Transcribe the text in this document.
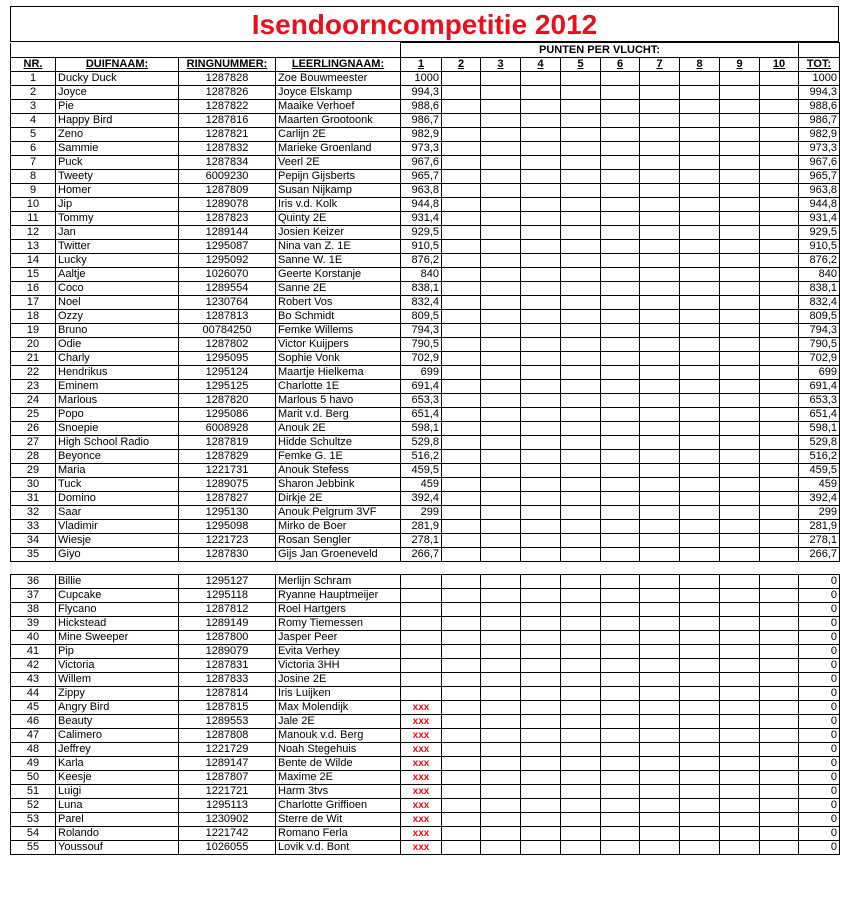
Isendoorncompetitie 2012
				PUNTEN PER VLUCHT:										
NR.	DUIFNAAM:	RINGNUMMER:	LEERLINGNAAM:	1	2	3	4	5	6	7	8	9	10	TOT:
1	Ducky Duck	1287828	Zoe Bouwmeester	1000										1000
2	Joyce	1287826	Joyce Elskamp	994,3										994,3
3	Pie	1287822	Maaike Verhoef	988,6										988,6
4	Happy Bird	1287816	Maarten Grootoonk	986,7										986,7
5	Zeno	1287821	Carlijn 2E	982,9										982,9
6	Sammie	1287832	Marieke Groenland	973,3										973,3
7	Puck	1287834	Veerl 2E	967,6										967,6
8	Tweety	6009230	Pepijn Gijsberts	965,7										965,7
9	Homer	1287809	Susan Nijkamp	963,8										963,8
10	Jip	1289078	Iris v.d. Kolk	944,8										944,8
11	Tommy	1287823	Quinty 2E	931,4										931,4
12	Jan	1289144	Josien Keizer	929,5										929,5
13	Twitter	1295087	Nina van Z. 1E	910,5										910,5
14	Lucky	1295092	Sanne W. 1E	876,2										876,2
15	Aaltje	1026070	Geerte Korstanje	840										840
16	Coco	1289554	Sanne 2E	838,1										838,1
17	Noel	1230764	Robert Vos	832,4										832,4
18	Ozzy	1287813	Bo Schmidt	809,5										809,5
19	Bruno	00784250	Femke Willems	794,3										794,3
20	Odie	1287802	Victor Kuijpers	790,5										790,5
21	Charly	1295095	Sophie Vonk	702,9										702,9
22	Hendrikus	1295124	Maartje Hielkema	699										699
23	Eminem	1295125	Charlotte 1E	691,4										691,4
24	Marlous	1287820	Marlous 5 havo	653,3										653,3
25	Popo	1295086	Marit v.d. Berg	651,4										651,4
26	Snoepie	6008928	Anouk 2E	598,1										598,1
27	High School Radio	1287819	Hidde Schultze	529,8										529,8
28	Beyonce	1287829	Femke G. 1E	516,2										516,2
29	Maria	1221731	Anouk Stefess	459,5										459,5
30	Tuck	1289075	Sharon Jebbink	459										459
31	Domino	1287827	Dirkje 2E	392,4										392,4
32	Saar	1295130	Anouk Pelgrum 3VF	299										299
33	Vladimir	1295098	Mirko de Boer	281,9										281,9
34	Wiesje	1221723	Rosan Sengler	278,1										278,1
35	Giyo	1287830	Gijs Jan Groeneveld	266,7										266,7

36	Billie	1295127	Merlijn Schram											0
37	Cupcake	1295118	Ryanne Hauptmeijer											0
38	Flycano	1287812	Roel Hartgers											0
39	Hickstead	1289149	Romy Tiemessen											0
40	Mine Sweeper	1287800	Jasper Peer											0
41	Pip	1289079	Evita Verhey											0
42	Victoria	1287831	Victoria 3HH											0
43	Willem	1287833	Josine 2E											0
44	Zippy	1287814	Iris Luijken											0
45	Angry Bird	1287815	Max Molendijk	xxx										0
46	Beauty	1289553	Jale 2E	xxx										0
47	Calimero	1287808	Manouk v.d. Berg	xxx										0
48	Jeffrey	1221729	Noah Stegehuis	xxx										0
49	Karla	1289147	Bente de Wilde	xxx										0
50	Keesje	1287807	Maxime 2E	xxx										0
51	Luigi	1221721	Harm 3tvs	xxx										0
52	Luna	1295113	Charlotte Griffioen	xxx										0
53	Parel	1230902	Sterre de Wit	xxx										0
54	Rolando	1221742	Romano Ferla	xxx										0
55	Youssouf	1026055	Lovik v.d. Bont	xxx										0
